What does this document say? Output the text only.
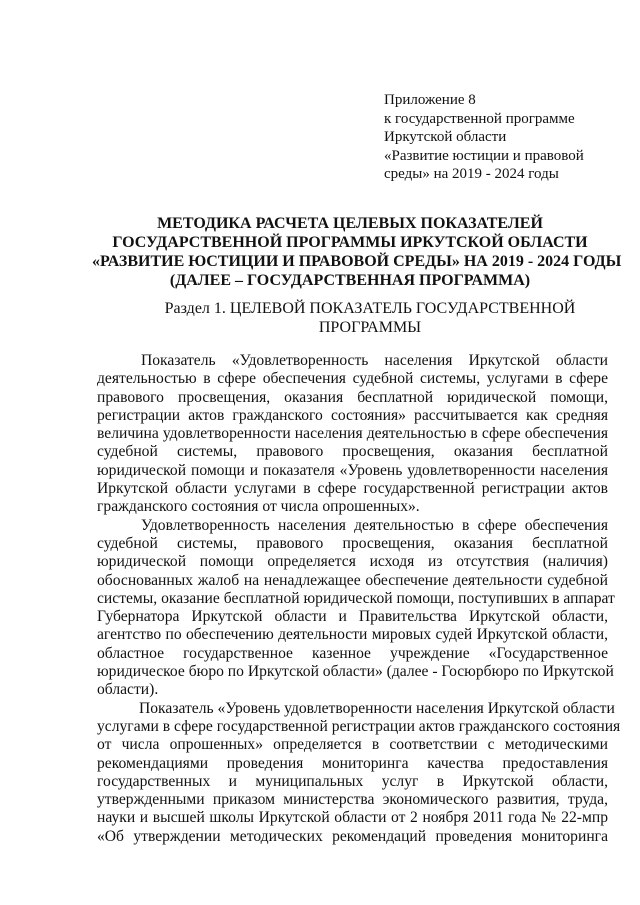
Приложение 8
к государственной программе
Иркутской области
«Развитие юстиции и правовой
среды» на 2019 - 2024 годы
МЕТОДИКА РАСЧЕТА ЦЕЛЕВЫХ ПОКАЗАТЕЛЕЙ
ГОСУДАРСТВЕННОЙ ПРОГРАММЫ ИРКУТСКОЙ ОБЛАСТИ
«РАЗВИТИЕ ЮСТИЦИИ И ПРАВОВОЙ СРЕДЫ» НА 2019 - 2024 ГОДЫ
(ДАЛЕЕ – ГОСУДАРСТВЕННАЯ ПРОГРАММА)
Раздел 1. ЦЕЛЕВОЙ ПОКАЗАТЕЛЬ ГОСУДАРСТВЕННОЙ
ПРОГРАММЫ
Показатель «Удовлетворенность населения Иркутской области
деятельностью в сфере обеспечения судебной системы, услугами в сфере
правового просвещения, оказания бесплатной юридической помощи,
регистрации актов гражданского состояния» рассчитывается как средняя
величина удовлетворенности населения деятельностью в сфере обеспечения
судебной системы, правового просвещения, оказания бесплатной
юридической помощи и показателя «Уровень удовлетворенности населения
Иркутской области услугами в сфере государственной регистрации актов
гражданского состояния от числа опрошенных».
Удовлетворенность населения деятельностью в сфере обеспечения
судебной системы, правового просвещения, оказания бесплатной
юридической помощи определяется исходя из отсутствия (наличия)
обоснованных жалоб на ненадлежащее обеспечение деятельности судебной
системы, оказание бесплатной юридической помощи, поступивших в аппарат
Губернатора Иркутской области и Правительства Иркутской области,
агентство по обеспечению деятельности мировых судей Иркутской области,
областное государственное казенное учреждение «Государственное
юридическое бюро по Иркутской области» (далее - Госюрбюро по Иркутской
области).
Показатель «Уровень удовлетворенности населения Иркутской области
услугами в сфере государственной регистрации актов гражданского состояния
от числа опрошенных» определяется в соответствии с методическими
рекомендациями проведения мониторинга качества предоставления
государственных и муниципальных услуг в Иркутской области,
утвержденными приказом министерства экономического развития, труда,
науки и высшей школы Иркутской области от 2 ноября 2011 года № 22-мпр
«Об утверждении методических рекомендаций проведения мониторинга
